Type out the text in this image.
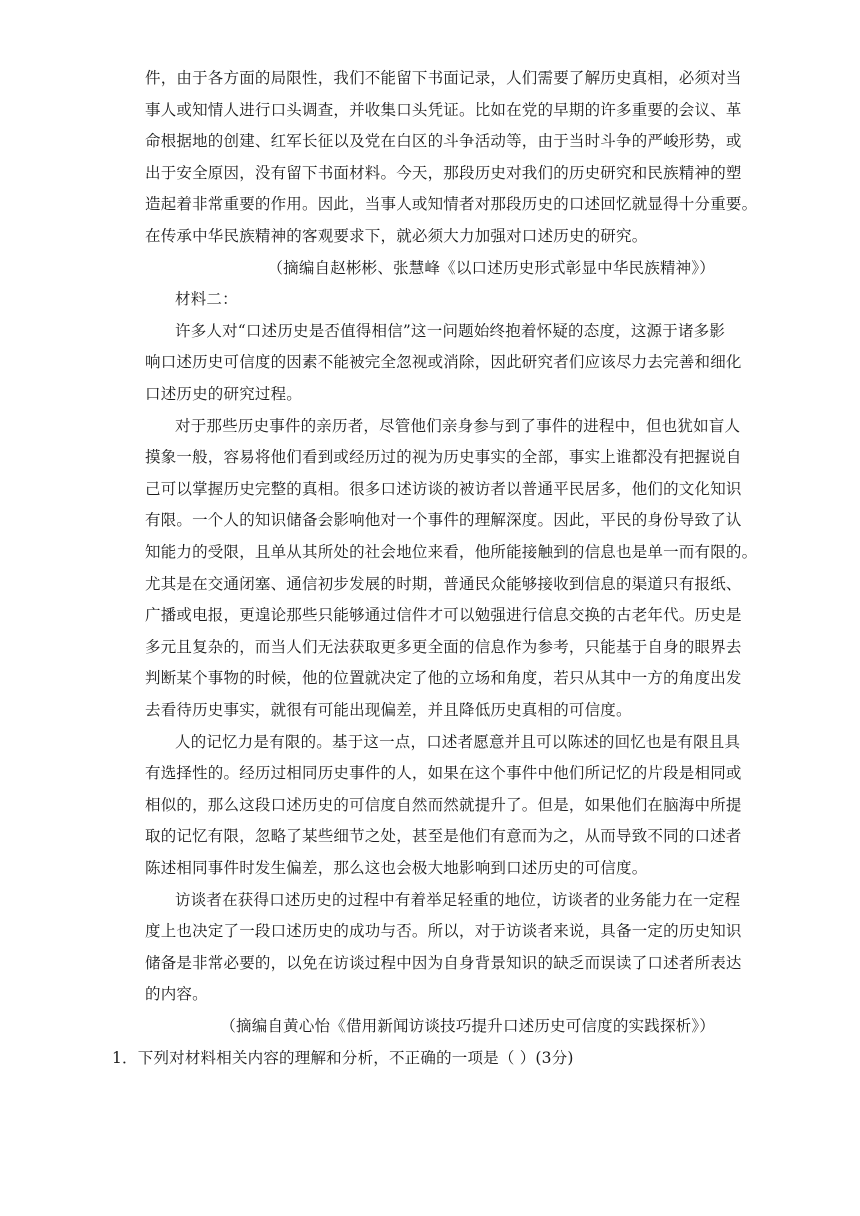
件，由于各方面的局限性，我们不能留下书面记录，人们需要了解历史真相，必须对当
事人或知情人进行口头调查，并收集口头凭证。比如在党的早期的许多重要的会议、革
命根据地的创建、红军长征以及党在白区的斗争活动等，由于当时斗争的严峻形势，或
出于安全原因，没有留下书面材料。今天，那段历史对我们的历史研究和民族精神的塑
造起着非常重要的作用。因此，当事人或知情者对那段历史的口述回忆就显得十分重要。
在传承中华民族精神的客观要求下，就必须大力加强对口述历史的研究。
（摘编自赵彬彬、张慧峰《以口述历史形式彰显中华民族精神》）
材料二：
许多人对“口述历史是否值得相信”这一问题始终抱着怀疑的态度，这源于诸多影
响口述历史可信度的因素不能被完全忽视或消除，因此研究者们应该尽力去完善和细化
口述历史的研究过程。
对于那些历史事件的亲历者，尽管他们亲身参与到了事件的进程中，但也犹如盲人
摸象一般，容易将他们看到或经历过的视为历史事实的全部，事实上谁都没有把握说自
己可以掌握历史完整的真相。很多口述访谈的被访者以普通平民居多，他们的文化知识
有限。一个人的知识储备会影响他对一个事件的理解深度。因此，平民的身份导致了认
知能力的受限，且单从其所处的社会地位来看，他所能接触到的信息也是单一而有限的。
尤其是在交通闭塞、通信初步发展的时期，普通民众能够接收到信息的渠道只有报纸、
广播或电报，更遑论那些只能够通过信件才可以勉强进行信息交换的古老年代。历史是
多元且复杂的，而当人们无法获取更多更全面的信息作为参考，只能基于自身的眼界去
判断某个事物的时候，他的位置就决定了他的立场和角度，若只从其中一方的角度出发
去看待历史事实，就很有可能出现偏差，并且降低历史真相的可信度。
人的记忆力是有限的。基于这一点，口述者愿意并且可以陈述的回忆也是有限且具
有选择性的。经历过相同历史事件的人，如果在这个事件中他们所记忆的片段是相同或
相似的，那么这段口述历史的可信度自然而然就提升了。但是，如果他们在脑海中所提
取的记忆有限，忽略了某些细节之处，甚至是他们有意而为之，从而导致不同的口述者
陈述相同事件时发生偏差，那么这也会极大地影响到口述历史的可信度。
访谈者在获得口述历史的过程中有着举足轻重的地位，访谈者的业务能力在一定程
度上也决定了一段口述历史的成功与否。所以，对于访谈者来说，具备一定的历史知识
储备是非常必要的，以免在访谈过程中因为自身背景知识的缺乏而误读了口述者所表达
的内容。
（摘编自黄心怡《借用新闻访谈技巧提升口述历史可信度的实践探析》）
1．下列对材料相关内容的理解和分析，不正确的一项是（ ）(3分)
